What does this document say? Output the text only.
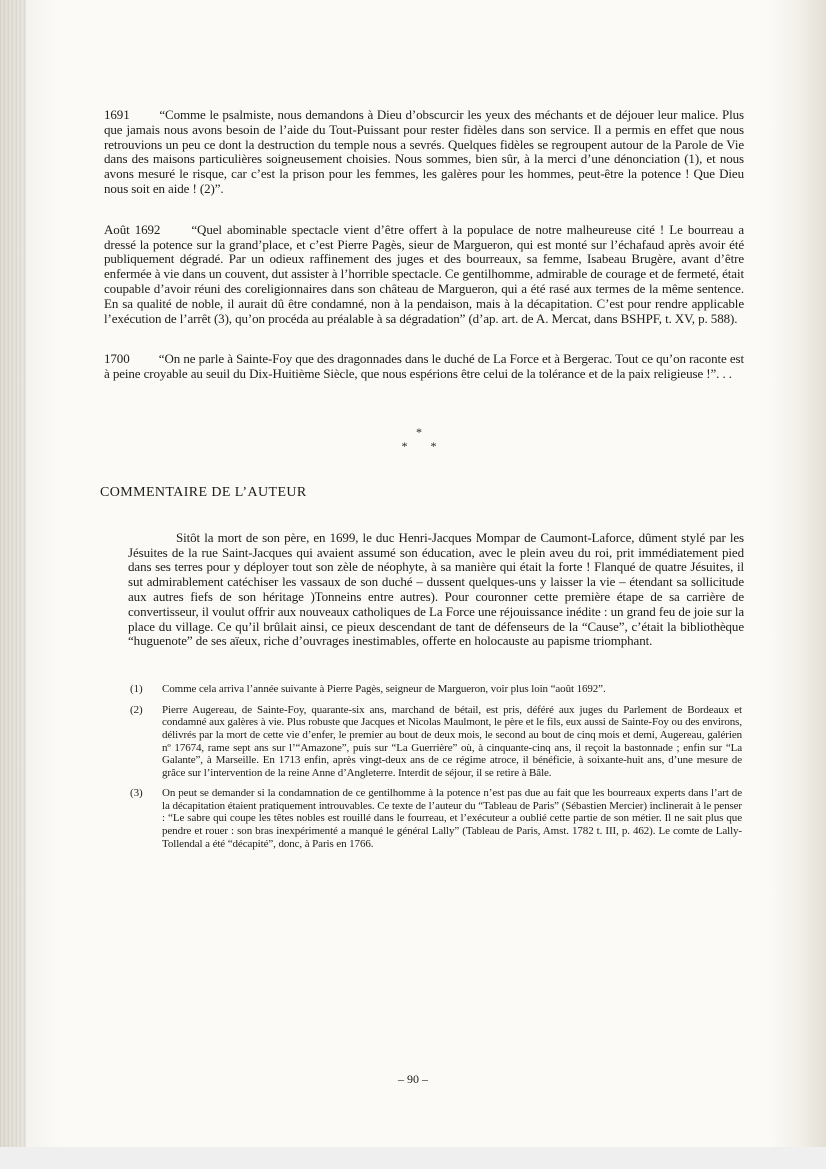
1691 “Comme le psalmiste, nous demandons à Dieu d’obscurcir les yeux des méchants et de déjouer leur malice. Plus que jamais nous avons besoin de l’aide du Tout-Puissant pour rester fidèles dans son service. Il a permis en effet que nous retrouvions un peu ce dont la destruction du temple nous a sevrés. Quelques fidèles se regroupent autour de la Parole de Vie dans des maisons particulières soigneusement choisies. Nous sommes, bien sûr, à la merci d’une dénonciation (1), et nous avons mesuré le risque, car c’est la prison pour les femmes, les galères pour les hommes, peut-être la potence ! Que Dieu nous soit en aide ! (2)”.
Août 1692 “Quel abominable spectacle vient d’être offert à la populace de notre malheureuse cité ! Le bourreau a dressé la potence sur la grand’place, et c’est Pierre Pagès, sieur de Margueron, qui est monté sur l’échafaud après avoir été publiquement dégradé. Par un odieux raffinement des juges et des bourreaux, sa femme, Isabeau Brugère, avant d’être enfermée à vie dans un couvent, dut assister à l’horrible spectacle. Ce gentilhomme, admirable de courage et de fermeté, était coupable d’avoir réuni des coreligionnaires dans son château de Margueron, qui a été rasé aux termes de la même sentence. En sa qualité de noble, il aurait dû être condamné, non à la pendaison, mais à la décapitation. C’est pour rendre applicable l’exécution de l’arrêt (3), qu’on procéda au préalable à sa dégradation” (d’ap. art. de A. Mercat, dans BSHPF, t. XV, p. 588).
1700 “On ne parle à Sainte-Foy que des dragonnades dans le duché de La Force et à Bergerac. Tout ce qu’on raconte est à peine croyable au seuil du Dix-Huitième Siècle, que nous espérions être celui de la tolérance et de la paix religieuse !”. . .
*
* *
COMMENTAIRE DE L’AUTEUR
Sitôt la mort de son père, en 1699, le duc Henri-Jacques Mompar de Caumont-Laforce, dûment stylé par les Jésuites de la rue Saint-Jacques qui avaient assumé son éducation, avec le plein aveu du roi, prit immédiatement pied dans ses terres pour y déployer tout son zèle de néophyte, à sa manière qui était la forte ! Flanqué de quatre Jésuites, il sut admirablement catéchiser les vassaux de son duché – dussent quelques-uns y laisser la vie – étendant sa sollicitude aux autres fiefs de son héritage )Tonneins entre autres). Pour couronner cette première étape de sa carrière de convertisseur, il voulut offrir aux nouveaux catholiques de La Force une réjouissance inédite : un grand feu de joie sur la place du village. Ce qu’il brûlait ainsi, ce pieux descendant de tant de défenseurs de la “Cause”, c’était la bibliothèque “huguenote” de ses aïeux, riche d’ouvrages inestimables, offerte en holocauste au papisme triomphant.
(1)	Comme cela arriva l’année suivante à Pierre Pagès, seigneur de Margueron, voir plus loin “août 1692”.
(2)	Pierre Augereau, de Sainte-Foy, quarante-six ans, marchand de bétail, est pris, déféré aux juges du Parlement de Bordeaux et condamné aux galères à vie. Plus robuste que Jacques et Nicolas Maulmont, le père et le fils, eux aussi de Sainte-Foy ou des environs, délivrés par la mort de cette vie d’enfer, le premier au bout de deux mois, le second au bout de cinq mois et demi, Augereau, galérien nº 17674, rame sept ans sur l’“Amazone”, puis sur “La Guerrière” où, à cinquante-cinq ans, il reçoit la bastonnade ; enfin sur “La Galante”, à Marseille. En 1713 enfin, après vingt-deux ans de ce régime atroce, il bénéficie, à soixante-huit ans, d’une mesure de grâce sur l’intervention de la reine Anne d’Angleterre. Interdit de séjour, il se retire à Bâle.
(3)	On peut se demander si la condamnation de ce gentilhomme à la potence n’est pas due au fait que les bourreaux experts dans l’art de la décapitation étaient pratiquement introuvables. Ce texte de l’auteur du “Tableau de Paris” (Sébastien Mercier) inclinerait à le penser : “Le sabre qui coupe les têtes nobles est rouillé dans le fourreau, et l’exécuteur a oublié cette partie de son métier. Il ne sait plus que pendre et rouer : son bras inexpérimenté a manqué le général Lally” (Tableau de Paris, Amst. 1782 t. III, p. 462). Le comte de Lally-Tollendal a été “décapité”, donc, à Paris en 1766.
– 90 –
